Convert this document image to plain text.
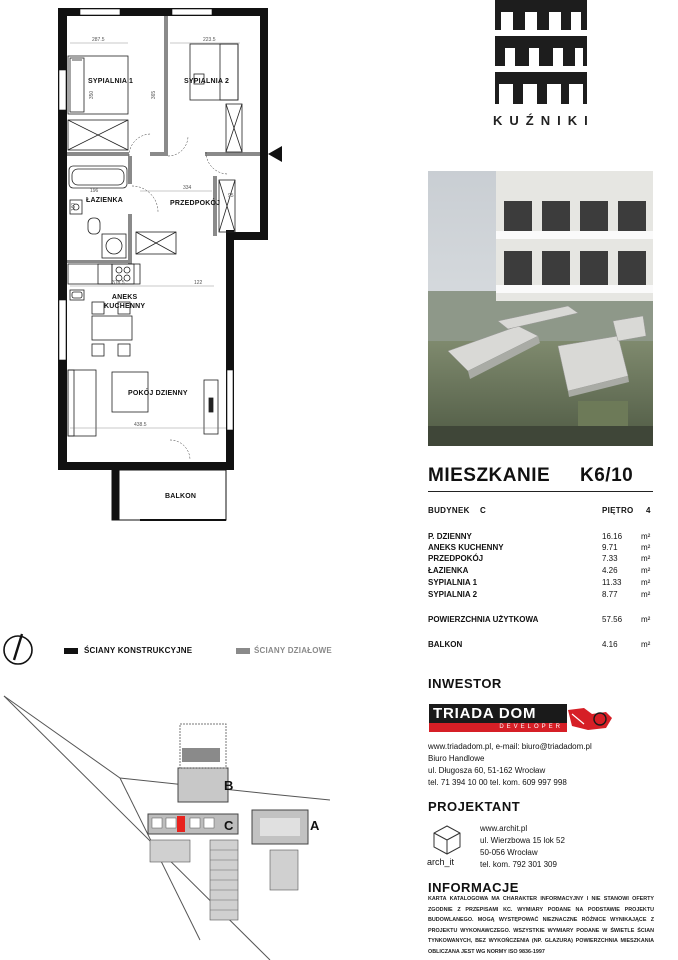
SYPIALNIA 1	SYPIALNIA 2
ŁAZIENKA	PRZEDPOKÓJ
ANEKS
KUCHENNY
POKÓJ DZIENNY
BALKON
287.5	223.5
350
334
196
316.5	122
438.5
95
160
365
ŚCIANY KONSTRUKCYJNE	ŚCIANY DZIAŁOWE
KUŹNIKI
MIESZKANIE K6/10
BUDYNEK C	PIĘTRO 4
P. DZIENNY	16.16	m²
ANEKS KUCHENNY	9.71	m²
PRZEDPOKÓJ	7.33	m²
ŁAZIENKA	4.26	m²
SYPIALNIA 1	11.33	m²
SYPIALNIA 2	8.77	m²
POWIERZCHNIA UŻYTKOWA	57.56	m²
BALKON	4.16	m²
INWESTOR
TRIADA DOM
DEVELOPER
www.triadadom.pl, e-mail: biuro@triadadom.pl
Biuro Handlowe
ul. Długosza 60, 51-162 Wrocław
tel. 71 394 10 00 tel. kom. 609 997 998
PROJEKTANT
arch_it
www.archit.pl
ul. Wierzbowa 15 lok 52
50-056 Wrocław
tel. kom. 792 301 309
INFORMACJE
KARTA KATALOGOWA MA CHARAKTER INFORMACYJNY I NIE STANOWI OFERTY ZGODNIE Z PRZEPISAMI KC. WYMIARY PODANE NA PODSTAWIE PROJEKTU BUDOWLANEGO. MOGĄ WYSTĘPOWAĆ NIEZNACZNE RÓŻNICE WYNIKAJĄCE Z PROJEKTU WYKONAWCZEGO. WSZYSTKIE WYMIARY PODANE W ŚWIETLE ŚCIAN TYNKOWANYCH, BEZ WYKOŃCZENIA (NP. GLAZURA) POWIERZCHNIA MIESZKANIA OBLICZANA JEST WG NORMY ISO 9836-1997
B
C	A
